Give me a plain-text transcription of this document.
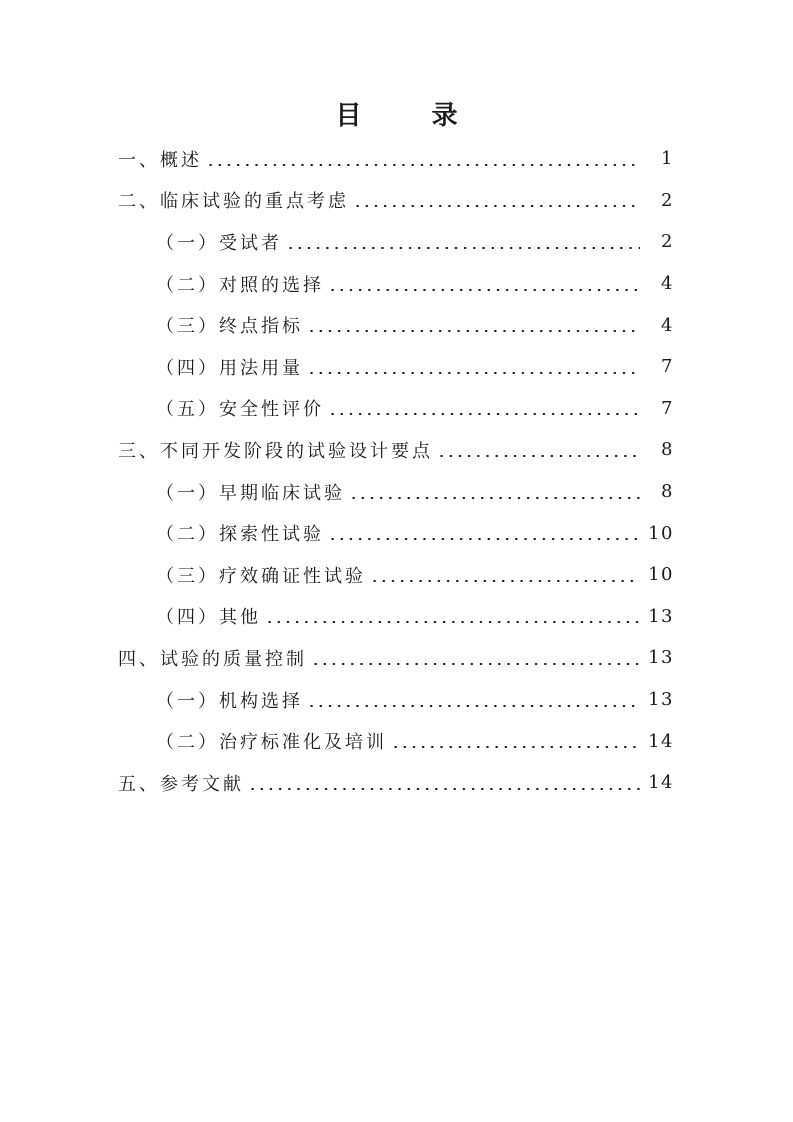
目　录
一、概述	1
二、临床试验的重点考虑	2
（一）受试者	2
（二）对照的选择	4
（三）终点指标	4
（四）用法用量	7
（五）安全性评价	7
三、不同开发阶段的试验设计要点	8
（一）早期临床试验	8
（二）探索性试验	10
（三）疗效确证性试验	10
（四）其他	13
四、试验的质量控制	13
（一）机构选择	13
（二）治疗标准化及培训	14
五、参考文献	14
